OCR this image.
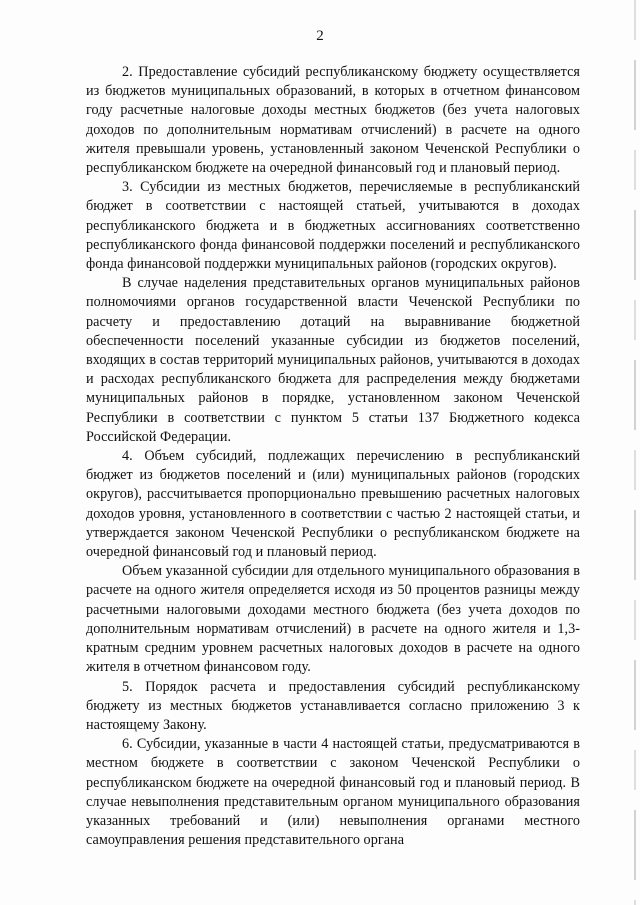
2

2. Предоставление субсидий республиканскому бюджету осуществляется из бюджетов муниципальных образований, в которых в отчетном финансовом году расчетные налоговые доходы местных бюджетов (без учета налоговых доходов по дополнительным нормативам отчислений) в расчете на одного жителя превышали уровень, установленный законом Чеченской Республики о республиканском бюджете на очередной финансовый год и плановый период.

3. Субсидии из местных бюджетов, перечисляемые в республиканский бюджет в соответствии с настоящей статьей, учитываются в доходах республиканского бюджета и в бюджетных ассигнованиях соответственно республиканского фонда финансовой поддержки поселений и республиканского фонда финансовой поддержки муниципальных районов (городских округов).

В случае наделения представительных органов муниципальных районов полномочиями органов государственной власти Чеченской Республики по расчету и предоставлению дотаций на выравнивание бюджетной обеспеченности поселений указанные субсидии из бюджетов поселений, входящих в состав территорий муниципальных районов, учитываются в доходах и расходах республиканского бюджета для распределения между бюджетами муниципальных районов в порядке, установленном законом Чеченской Республики в соответствии с пунктом 5 статьи 137 Бюджетного кодекса Российской Федерации.

4. Объем субсидий, подлежащих перечислению в республиканский бюджет из бюджетов поселений и (или) муниципальных районов (городских округов), рассчитывается пропорционально превышению расчетных налоговых доходов уровня, установленного в соответствии с частью 2 настоящей статьи, и утверждается законом Чеченской Республики о республиканском бюджете на очередной финансовый год и плановый период.

Объем указанной субсидии для отдельного муниципального образования в расчете на одного жителя определяется исходя из 50 процентов разницы между расчетными налоговыми доходами местного бюджета (без учета доходов по дополнительным нормативам отчислений) в расчете на одного жителя и 1,3-кратным средним уровнем расчетных налоговых доходов в расчете на одного жителя в отчетном финансовом году.

5. Порядок расчета и предоставления субсидий республиканскому бюджету из местных бюджетов устанавливается согласно приложению 3 к настоящему Закону.

6. Субсидии, указанные в части 4 настоящей статьи, предусматриваются в местном бюджете в соответствии с законом Чеченской Республики о республиканском бюджете на очередной финансовый год и плановый период. В случае невыполнения представительным органом муниципального образования указанных требований и (или) невыполнения органами местного самоуправления решения представительного органа
